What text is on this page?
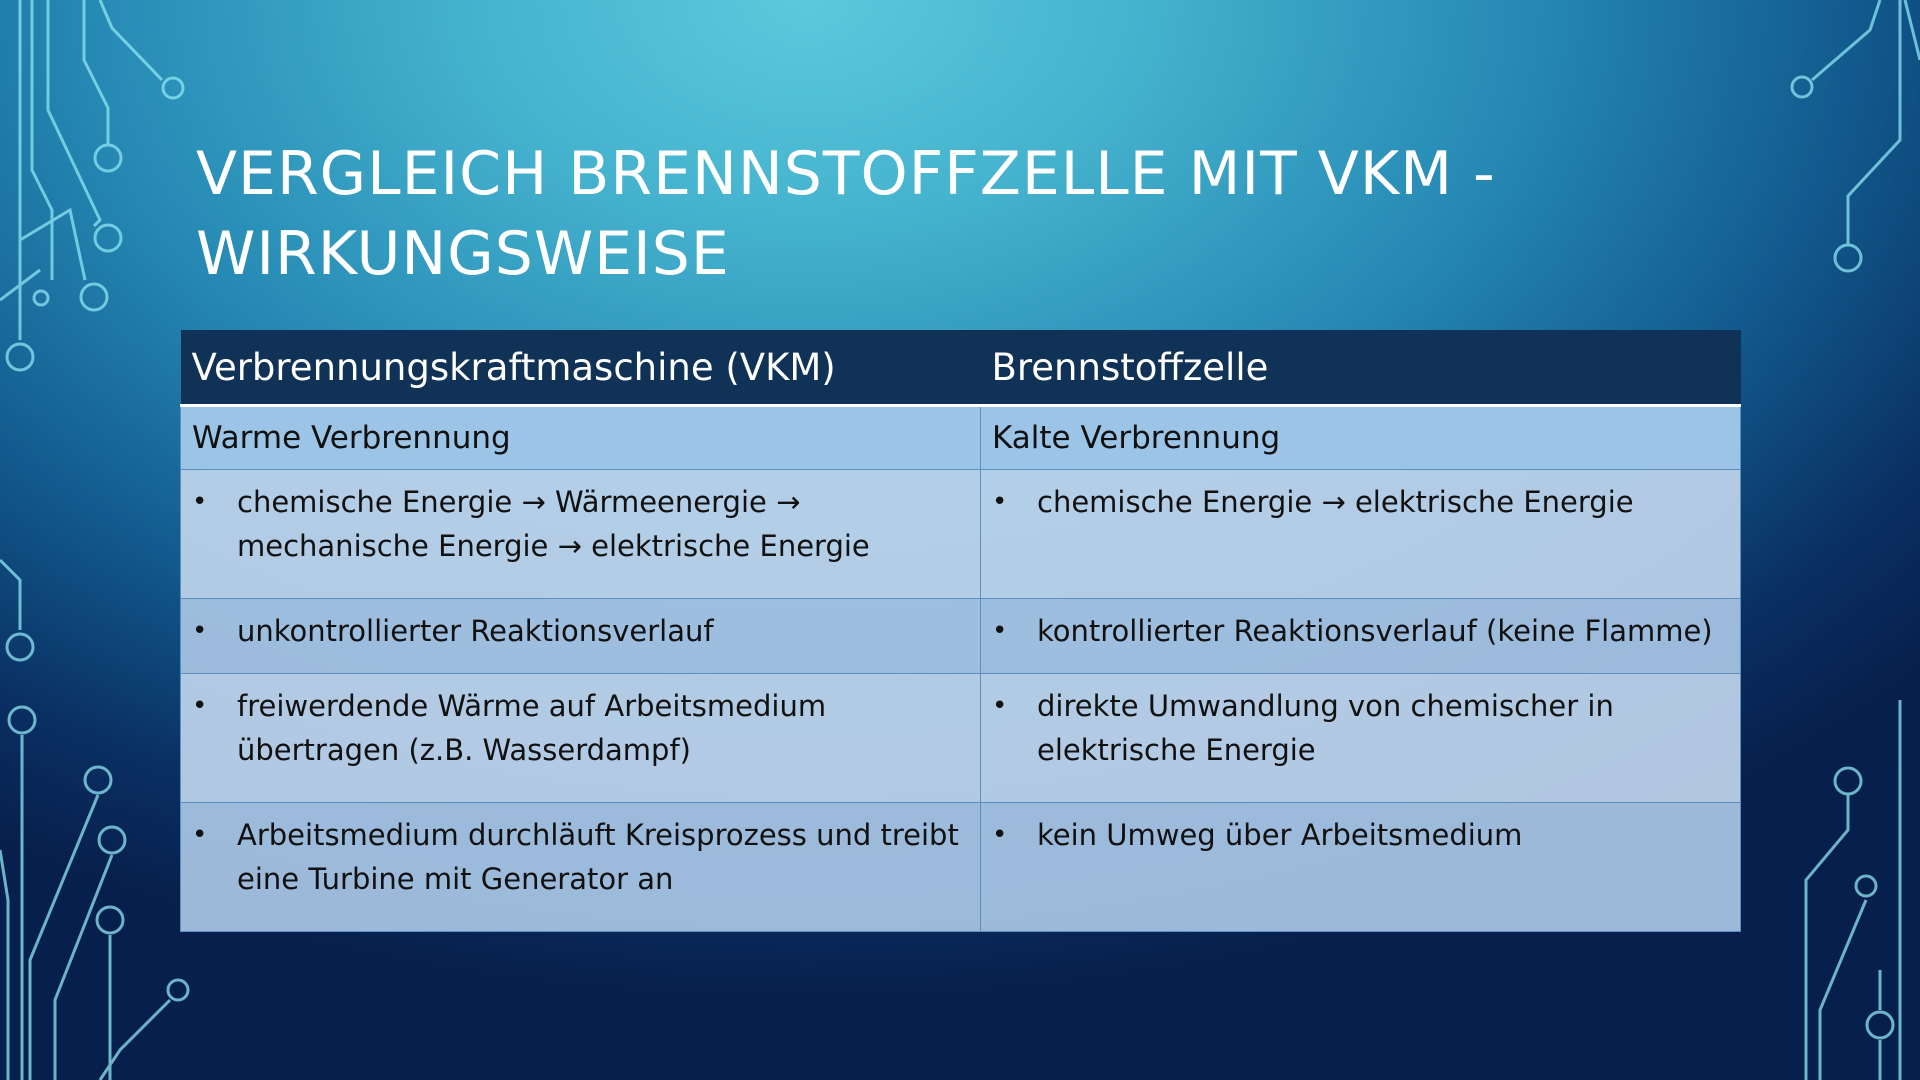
VERGLEICH BRENNSTOFFZELLE MIT VKM -
WIRKUNGSWEISE
Verbrennungskraftmaschine (VKM)	Brennstoffzelle
Warme Verbrennung	Kalte Verbrennung

• chemische Energie → Wärmeenergie →
mechanische Energie → elektrische Energie	• chemische Energie → elektrische Energie

• unkontrollierter Reaktionsverlauf	• kontrollierter Reaktionsverlauf (keine Flamme)

• freiwerdende Wärme auf Arbeitsmedium
übertragen (z.B. Wasserdampf)	• direkte Umwandlung von chemischer in
elektrische Energie

• Arbeitsmedium durchläuft Kreisprozess und treibt
eine Turbine mit Generator an	• kein Umweg über Arbeitsmedium
